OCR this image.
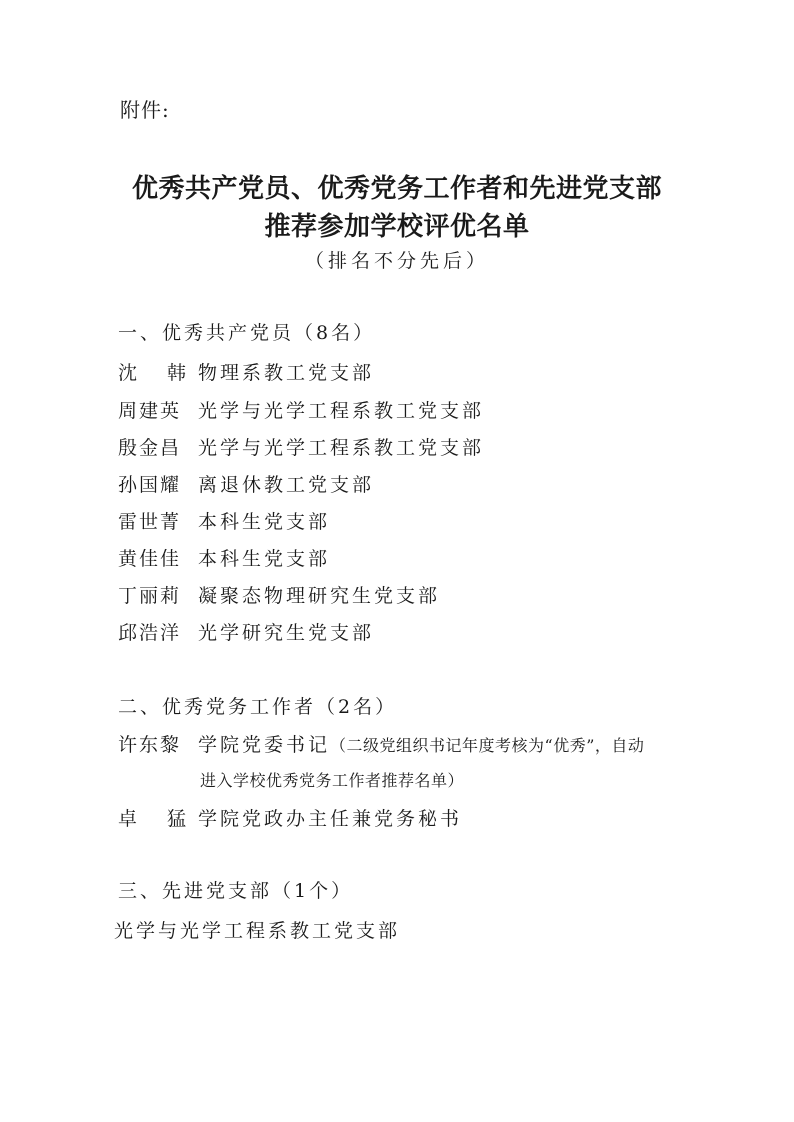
附件:
优秀共产党员、优秀党务工作者和先进党支部
推荐参加学校评优名单
（排名不分先后）
一、优秀共产党员（8名）
沈韩物理系教工党支部
周建英 光学与光学工程系教工党支部
殷金昌 光学与光学工程系教工党支部
孙国耀 离退休教工党支部
雷世菁 本科生党支部
黄佳佳 本科生党支部
丁丽莉 凝聚态物理研究生党支部
邱浩洋 光学研究生党支部
二、优秀党务工作者（2名）
许东黎 学院党委书记（二级党组织书记年度考核为“优秀”，自动
进入学校优秀党务工作者推荐名单）
卓猛学院党政办主任兼党务秘书
三、先进党支部（1个）
光学与光学工程系教工党支部
